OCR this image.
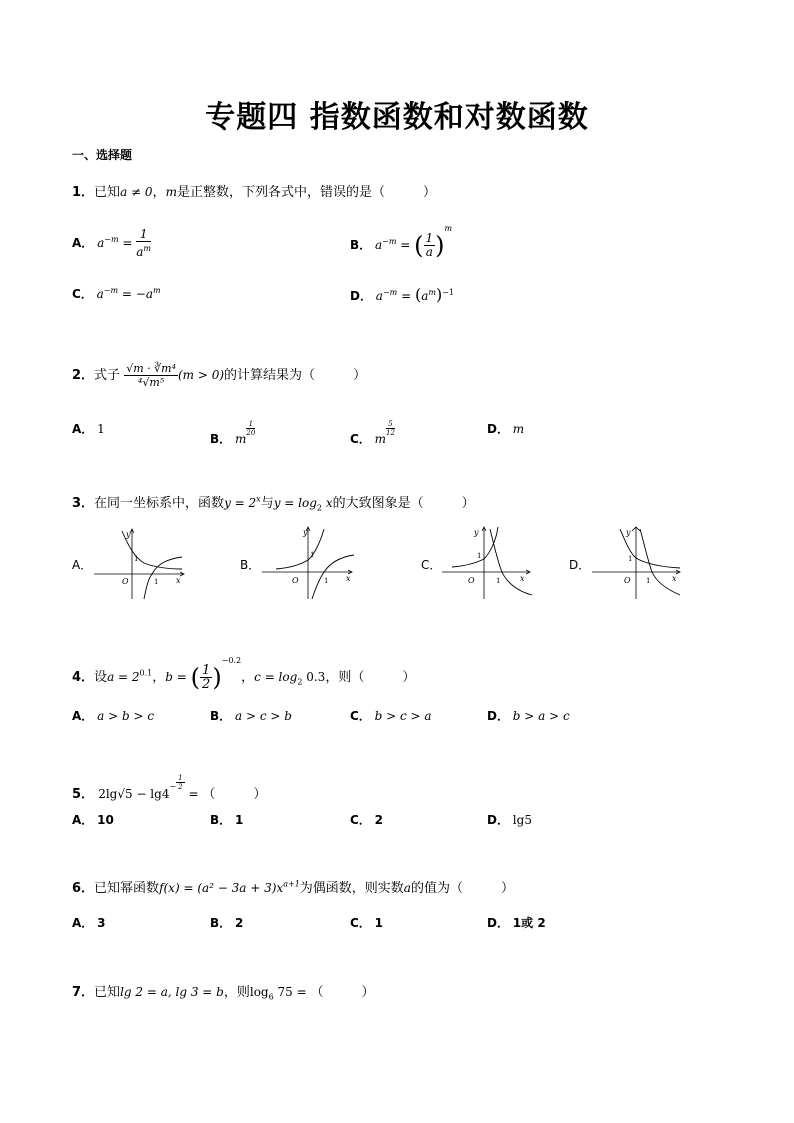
专题四 指数函数和对数函数
一、选择题
1．已知a ≠ 0，m是正整数，下列各式中，错误的是（	）
A． $a^{-m} = \frac{1}{a^m}$	B． $a^{-m}$ = ( $\frac{1}{a} )^m$
C． $a^{-m} = -a^m$	D． $a^{-m} = (a^m)^{-1}$
2．式子 $\frac{\text{√m · ∛m⁴}}{\text{⁴√m⁵}} (m > 0)$的计算结果为（	）
A． 1
B． m
$\frac{1}{20}$
C． m
$\frac{5}{12}$	D． m
3．在同一坐标系中，函数$y = 2^x$与$y = \log_2 x$的大致图象是（	）
A．	B．	C．	D．
y
1
O	1 x
y
1
O	1 x
y
1
O	1 x
y
1
O 1	x
4．设$a = 2^{0.1}$，b = ( $\frac{1}{2} )^{-0.2}$，$c = \log_2 0.3$，则（	）
A． a > b > c	B． a > c > b	C． b > c > a	D． b > a > c
5． $2\lg√5 - \lg 4^- \frac{1}{2}$
= （	）
A． 10	B． 1	C． 2	D． lg5
6．已知幂函数$f(x) = (a^2 - 3a + 3)x^{a+1}$为偶函数，则实数a的值为（	）
A． 3	B． 2	C． 1	D． 1或 2
7．已知lg 2 = a, lg 3 = b，则$\log_6 75$ = （	）
